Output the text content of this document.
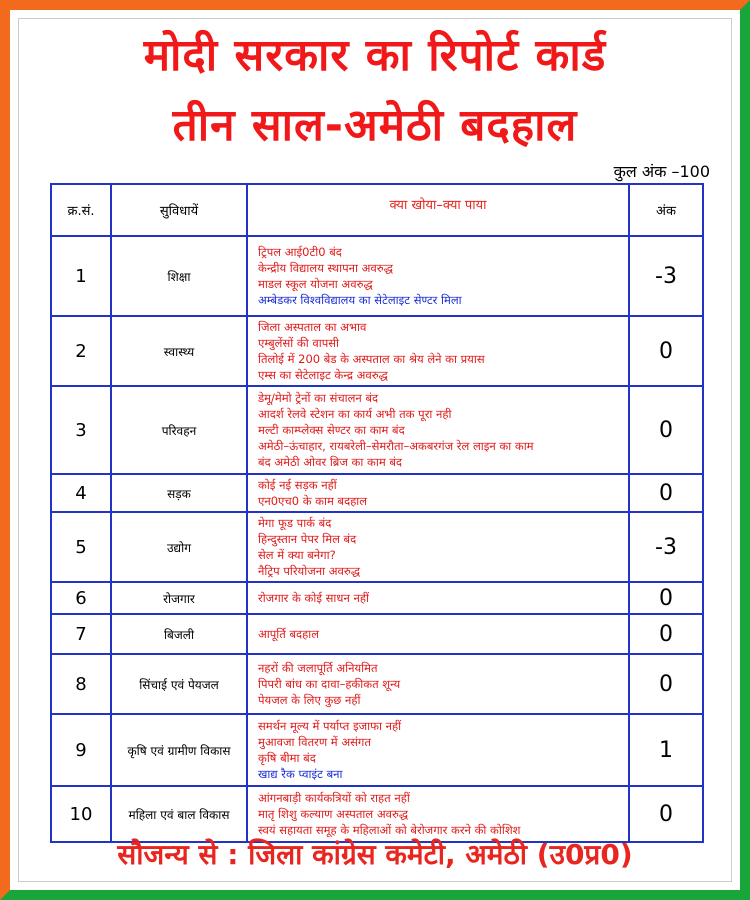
मोदी सरकार का रिपोर्ट कार्ड
तीन साल-अमेठी बदहाल
कुल अंक –100
क्र.सं.	सुविधायें	क्या खोया–क्या पाया	अंक
1	शिक्षा	ट्रिपल आई0टी0 बंद
केन्द्रीय विद्यालय स्थापना अवरुद्ध
माडल स्कूल योजना अवरुद्ध
अम्बेडकर विश्वविद्यालय का सेटेलाइट सेण्टर मिला	-3
2	स्वास्थ्य	जिला अस्पताल का अभाव
एम्बुलेंसों की वापसी
तिलोई में 200 बेड के अस्पताल का श्रेय लेने का प्रयास
एम्स का सेटेलाइट केन्द्र अवरुद्ध	0
3	परिवहन	डेमू/मेमो ट्रेनों का संचालन बंद
आदर्श रेलवे स्टेशन का कार्य अभी तक पूरा नही
मल्टी काम्प्लेक्स सेण्टर का काम बंद
अमेठी–ऊंचाहार, रायबरेली–सेमरौता–अकबरगंज रेल लाइन का काम
बंद अमेठी ओवर ब्रिज का काम बंद	0
4	सड़क	कोई नई सड़क नहीं
एन0एच0 के काम बदहाल	0
5	उद्योग	मेगा फूड पार्क बंद
हिन्दुस्तान पेपर मिल बंद
सेल में क्या बनेगा?
नैट्रिप परियोजना अवरुद्ध	-3
6	रोजगार	रोजगार के कोई साधन नहीं	0
7	बिजली	आपूर्ति बदहाल	0
8	सिंचाई एवं पेयजल	नहरों की जलापूर्ति अनियमित
पिपरी बांध का दावा–हकीकत शून्य
पेयजल के लिए कुछ नहीं	0
9	कृषि एवं ग्रामीण विकास	समर्थन मूल्य में पर्याप्त इजाफा नहीं
मुआवजा वितरण में असंगत
कृषि बीमा बंद
खाद्य रैक प्वाइंट बना	1
10	महिला एवं बाल विकास	आंगनबाड़ी कार्यकत्रियों को राहत नहीं
मातृ शिशु कल्याण अस्पताल अवरुद्ध
स्वयं सहायता समूह के महिलाओं को बेरोजगार करने की कोशिश	0
सौजन्य से : जिला कांग्रेस कमेटी, अमेठी (उ0प्र0)
